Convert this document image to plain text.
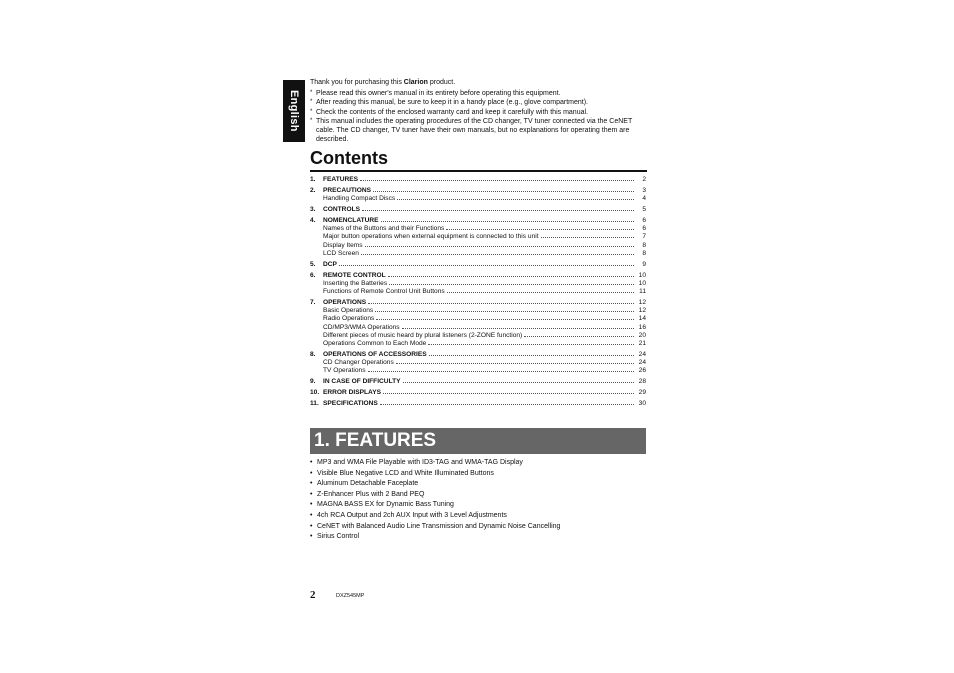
English

Thank you for purchasing this Clarion product.

* Please read this owner's manual in its entirety before operating this equipment.
* After reading this manual, be sure to keep it in a handy place (e.g., glove compartment).
* Check the contents of the enclosed warranty card and keep it carefully with this manual.
* This manual includes the operating procedures of the CD changer, TV tuner connected via the CeNET cable. The CD changer, TV tuner have their own manuals, but no explanations for operating them are described.
Contents
1.	FEATURES	2
2.	PRECAUTIONS	3
Handling Compact Discs	4
3.	CONTROLS	5
4.	NOMENCLATURE	6
Names of the Buttons and their Functions	6
Major button operations when external equipment is connected to this unit	7
Display Items	8
LCD Screen	8
5.	DCP	9
6.	REMOTE CONTROL	10
Inserting the Batteries	10
Functions of Remote Control Unit Buttons	11
7.	OPERATIONS	12
Basic Operations	12
Radio Operations	14
CD/MP3/WMA Operations	16
Different pieces of music heard by plural listeners (2-ZONE function)	20
Operations Common to Each Mode	21
8.	OPERATIONS OF ACCESSORIES	24
CD Changer Operations	24
TV Operations	26
9.	IN CASE OF DIFFICULTY	28
10. ERROR DISPLAYS	29
11. SPECIFICATIONS	30
1. FEATURES
• MP3 and WMA File Playable with ID3-TAG and WMA-TAG Display
• Visible Blue Negative LCD and White Illuminated Buttons
• Aluminum Detachable Faceplate
• Z-Enhancer Plus with 2 Band PEQ
• MAGNA BASS EX for Dynamic Bass Tuning
• 4ch RCA Output and 2ch AUX Input with 3 Level Adjustments
• CeNET with Balanced Audio Line Transmission and Dynamic Noise Cancelling
• Sirius Control
2	DXZ545MP
